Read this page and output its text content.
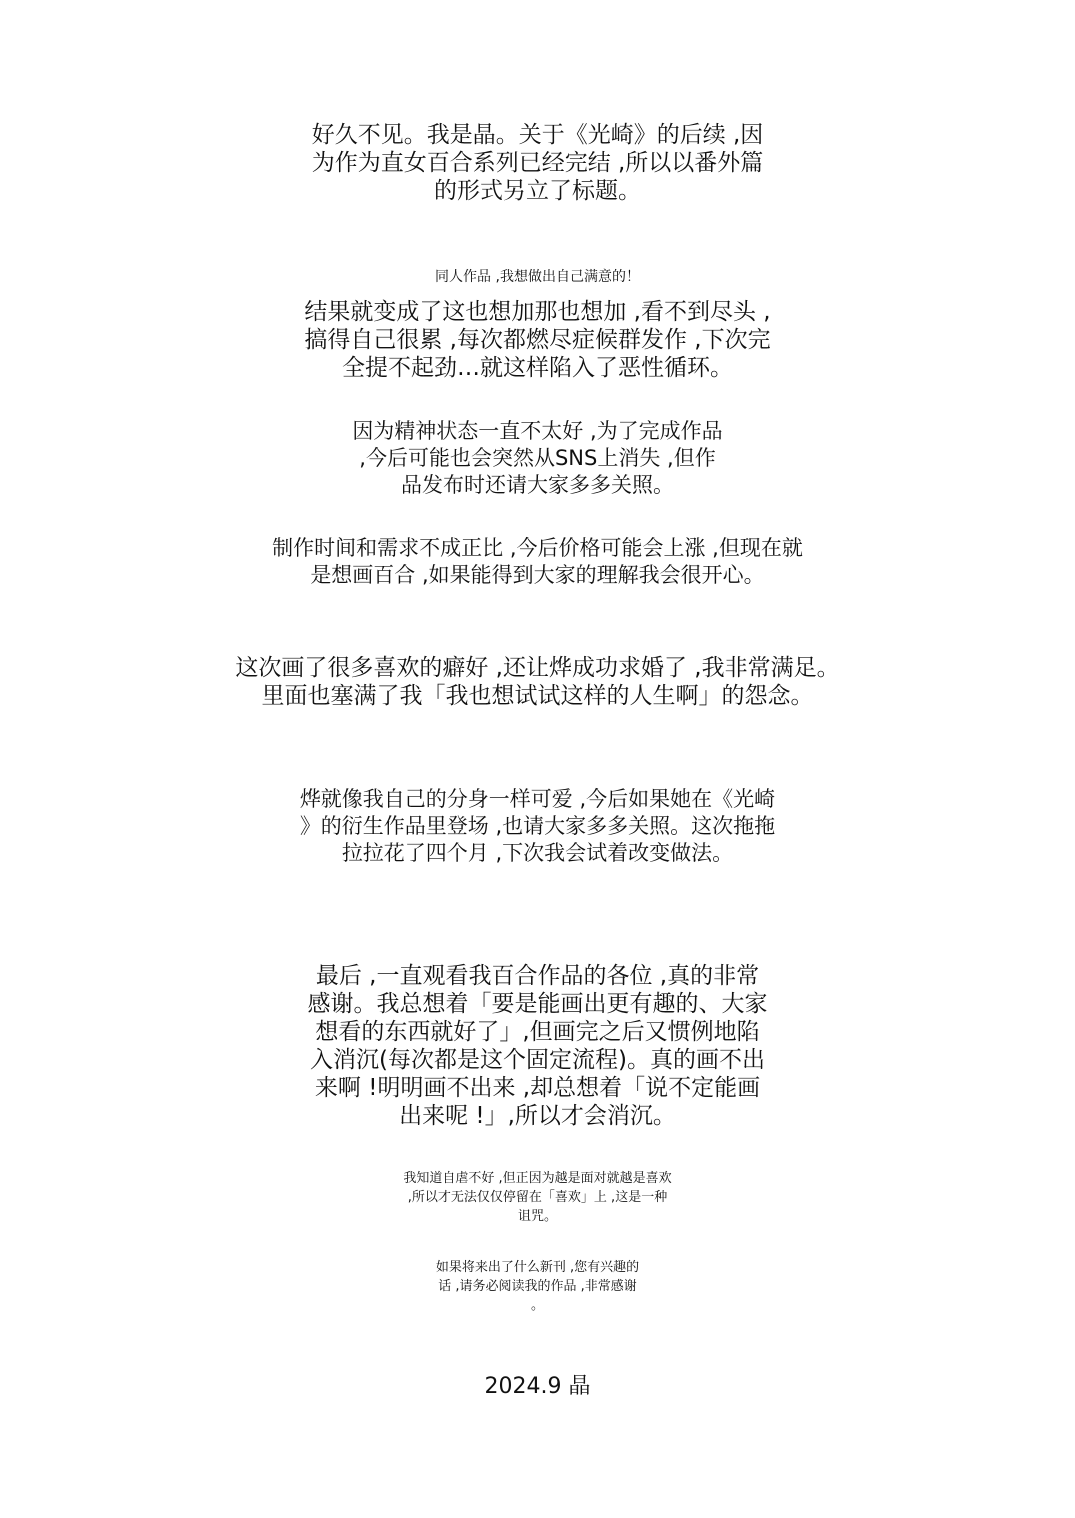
好久不见。我是晶。关于《光崎》的后续 ,因
为作为直女百合系列已经完结 ,所以以番外篇
的形式另立了标题。
同人作品 ,我想做出自己满意的！
结果就变成了这也想加那也想加 ,看不到尽头 ,
搞得自己很累 ,每次都燃尽症候群发作 ,下次完
全提不起劲…就这样陷入了恶性循环。
因为精神状态一直不太好 ,为了完成作品
,今后可能也会突然从SNS上消失 ,但作
品发布时还请大家多多关照。
制作时间和需求不成正比 ,今后价格可能会上涨 ,但现在就
是想画百合 ,如果能得到大家的理解我会很开心。
这次画了很多喜欢的癖好 ,还让烨成功求婚了 ,我非常满足。
里面也塞满了我「我也想试试这样的人生啊」的怨念。
烨就像我自己的分身一样可爱 ,今后如果她在《光崎
》的衍生作品里登场 ,也请大家多多关照。这次拖拖
拉拉花了四个月 ,下次我会试着改变做法。
最后 ,一直观看我百合作品的各位 ,真的非常
感谢。我总想着「要是能画出更有趣的、大家
想看的东西就好了」,但画完之后又惯例地陷
入消沉(每次都是这个固定流程)。真的画不出
来啊 !明明画不出来 ,却总想着「说不定能画
出来呢 !」,所以才会消沉。
我知道自虐不好 ,但正因为越是面对就越是喜欢
,所以才无法仅仅停留在「喜欢」上 ,这是一种
诅咒。
如果将来出了什么新刊 ,您有兴趣的
话 ,请务必阅读我的作品 ,非常感谢
。
2024.9 晶
